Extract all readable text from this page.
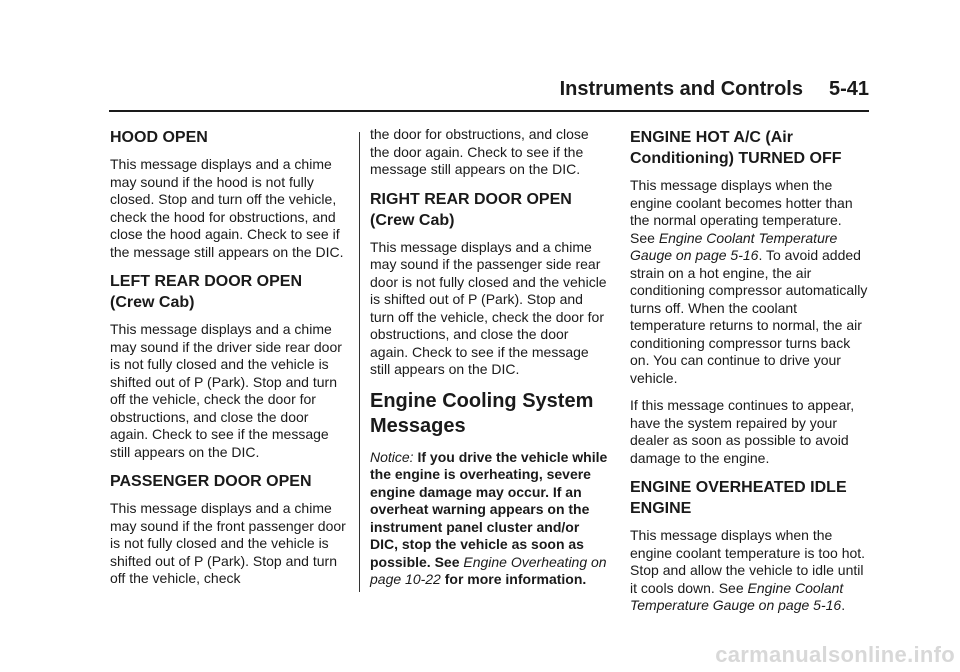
Instruments and Controls 5-41
HOOD OPEN

This message displays and a chime may sound if the hood is not fully closed. Stop and turn off the vehicle, check the hood for obstructions, and close the hood again. Check to see if the message still appears on the DIC.

LEFT REAR DOOR OPEN (Crew Cab)

This message displays and a chime may sound if the driver side rear door is not fully closed and the vehicle is shifted out of P (Park). Stop and turn off the vehicle, check the door for obstructions, and close the door again. Check to see if the message still appears on the DIC.

PASSENGER DOOR OPEN

This message displays and a chime may sound if the front passenger door is not fully closed and the vehicle is shifted out of P (Park). Stop and turn off the vehicle, check

the door for obstructions, and close the door again. Check to see if the message still appears on the DIC.

RIGHT REAR DOOR OPEN (Crew Cab)

This message displays and a chime may sound if the passenger side rear door is not fully closed and the vehicle is shifted out of P (Park). Stop and turn off the vehicle, check the door for obstructions, and close the door again. Check to see if the message still appears on the DIC.

Engine Cooling System Messages

Notice: If you drive the vehicle while the engine is overheating, severe engine damage may occur. If an overheat warning appears on the instrument panel cluster and/or DIC, stop the vehicle as soon as possible. See Engine Overheating on page 10-22 for more information.

ENGINE HOT A/C (Air Conditioning) TURNED OFF

This message displays when the engine coolant becomes hotter than the normal operating temperature. See Engine Coolant Temperature Gauge on page 5-16. To avoid added strain on a hot engine, the air conditioning compressor automatically turns off. When the coolant temperature returns to normal, the air conditioning compressor turns back on. You can continue to drive your vehicle.

If this message continues to appear, have the system repaired by your dealer as soon as possible to avoid damage to the engine.

ENGINE OVERHEATED IDLE ENGINE

This message displays when the engine coolant temperature is too hot. Stop and allow the vehicle to idle until it cools down. See Engine Coolant Temperature Gauge on page 5-16.

carmanualsonline.info
